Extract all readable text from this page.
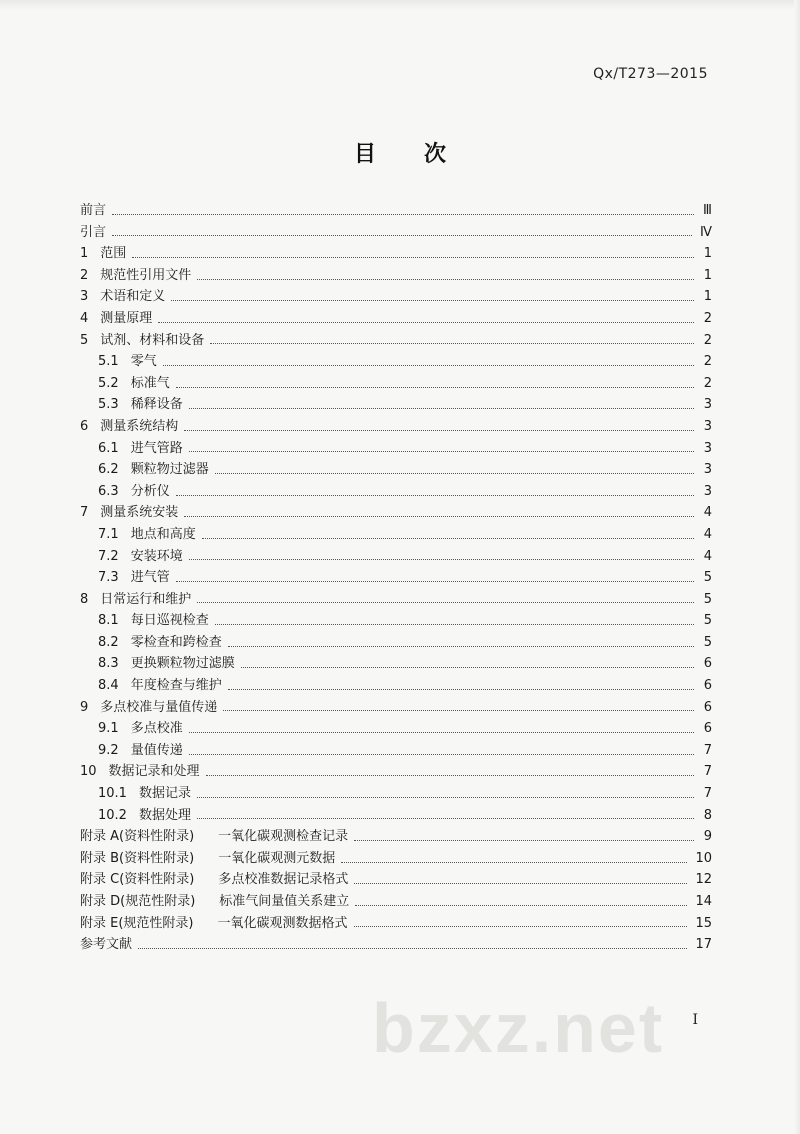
Qx/T273—2015
目 次
前言	Ⅲ
引言	Ⅳ
1 范围	1
2 规范性引用文件	1
3 术语和定义	1
4 测量原理	2
5 试剂、材料和设备	2
5.1 零气	2
5.2 标准气	2
5.3 稀释设备	3
6 测量系统结构	3
6.1 进气管路	3
6.2 颗粒物过滤器	3
6.3 分析仪	3
7 测量系统安装	4
7.1 地点和高度	4
7.2 安装环境	4
7.3 进气管	5
8 日常运行和维护	5
8.1 每日巡视检查	5
8.2 零检查和跨检查	5
8.3 更换颗粒物过滤膜	6
8.4 年度检查与维护	6
9 多点校准与量值传递	6
9.1 多点校准	6
9.2 量值传递	7
10 数据记录和处理	7
10.1 数据记录	7
10.2 数据处理	8
附录 A(资料性附录) 一氧化碳观测检查记录	9
附录 B(资料性附录) 一氧化碳观测元数据	10
附录 C(资料性附录) 多点校准数据记录格式	12
附录 D(规范性附录) 标准气间量值关系建立	14
附录 E(规范性附录) 一氧化碳观测数据格式	15
参考文献	17
I
bzxz.net
